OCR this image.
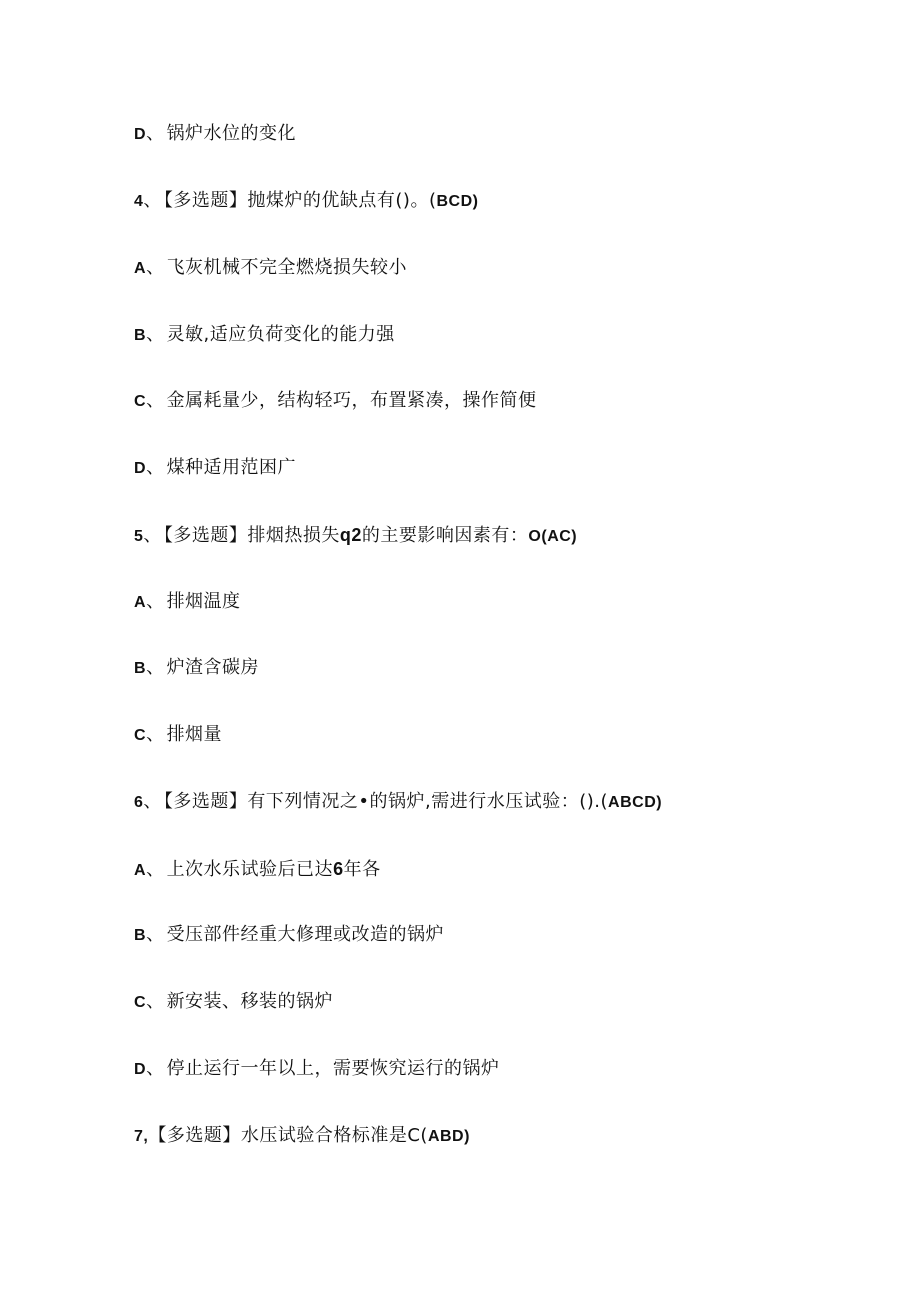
D、 锅炉水位的变化
4、 【多选题】抛煤炉的优缺点有()。(BCD)
A、 飞灰机械不完全燃烧损失较小
B、 灵敏,适应负荷变化的能力强
C、 金属耗量少，结构轻巧，布置紧凑，操作简便
D、 煤种适用范困广
5、 【多选题】排烟热损失q2的主要影响因素有：O(AC)
A、 排烟温度
B、 炉渣含碳房
C、 排烟量
6、 【多选题】有下列情况之•的锅炉,需进行水压试验：().(ABCD)
A、 上次水乐试验后已达6年各
B、 受压部件经重大修理或改造的锅炉
C、 新安装、移装的锅炉
D、 停止运行一年以上，需要恢究运行的锅炉
7,【多选题】水压试验合格标准是C(ABD)
